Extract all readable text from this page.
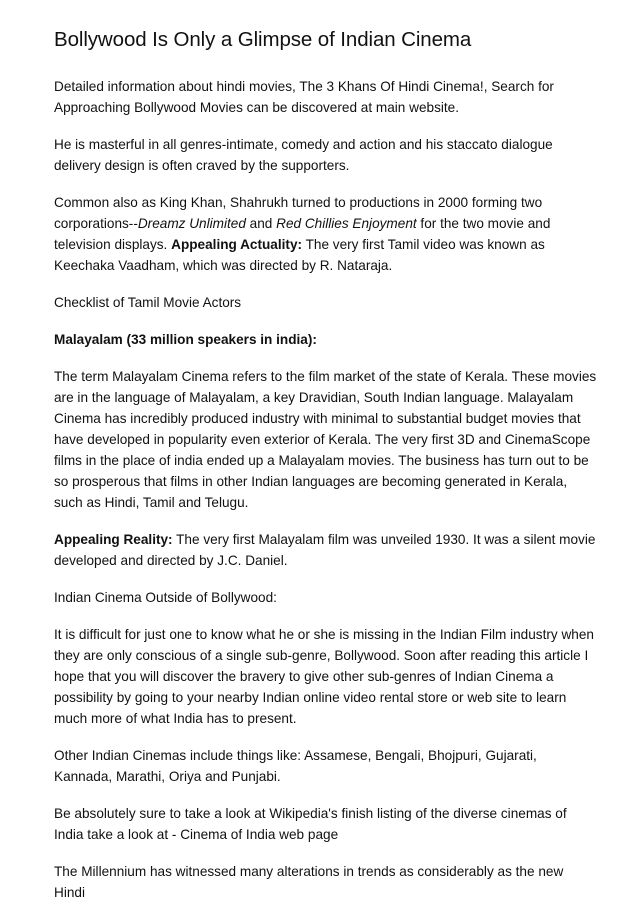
Bollywood Is Only a Glimpse of Indian Cinema

Detailed information about hindi movies, The 3 Khans Of Hindi Cinema!, Search for Approaching Bollywood Movies can be discovered at main website.

He is masterful in all genres-intimate, comedy and action and his staccato dialogue delivery design is often craved by the supporters.

Common also as King Khan, Shahrukh turned to productions in 2000 forming two corporations--Dreamz Unlimited and Red Chillies Enjoyment for the two movie and television displays. Appealing Actuality: The very first Tamil video was known as Keechaka Vaadham, which was directed by R. Nataraja.

Checklist of Tamil Movie Actors

Malayalam (33 million speakers in india):

The term Malayalam Cinema refers to the film market of the state of Kerala. These movies are in the language of Malayalam, a key Dravidian, South Indian language. Malayalam Cinema has incredibly produced industry with minimal to substantial budget movies that have developed in popularity even exterior of Kerala. The very first 3D and CinemaScope films in the place of india ended up a Malayalam movies. The business has turn out to be so prosperous that films in other Indian languages are becoming generated in Kerala, such as Hindi, Tamil and Telugu.

Appealing Reality: The very first Malayalam film was unveiled 1930. It was a silent movie developed and directed by J.C. Daniel.

Indian Cinema Outside of Bollywood:

It is difficult for just one to know what he or she is missing in the Indian Film industry when they are only conscious of a single sub-genre, Bollywood. Soon after reading this article I hope that you will discover the bravery to give other sub-genres of Indian Cinema a possibility by going to your nearby Indian online video rental store or web site to learn much more of what India has to present.

Other Indian Cinemas include things like: Assamese, Bengali, Bhojpuri, Gujarati, Kannada, Marathi, Oriya and Punjabi.

Be absolutely sure to take a look at Wikipedia's finish listing of the diverse cinemas of India take a look at - Cinema of India web page

The Millennium has witnessed many alterations in trends as considerably as the new Hindi
